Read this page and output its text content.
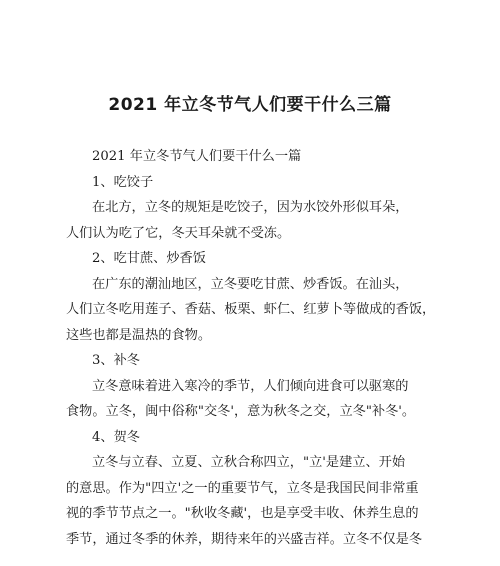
2021 年立冬节气人们要干什么三篇

2021 年立冬节气人们要干什么一篇

1、吃饺子

在北方，立冬的规矩是吃饺子，因为水饺外形似耳朵，

人们认为吃了它，冬天耳朵就不受冻。

2、吃甘蔗、炒香饭

在广东的潮汕地区，立冬要吃甘蔗、炒香饭。在汕头，

人们立冬吃用莲子、香菇、板栗、虾仁、红萝卜等做成的香饭，

这些也都是温热的食物。

3、补冬

立冬意味着进入寒冷的季节，人们倾向进食可以驱寒的

食物。立冬，闽中俗称"交冬'，意为秋冬之交，立冬"补冬'。

4、贺冬

立冬与立春、立夏、立秋合称四立，"立'是建立、开始

的意思。作为"四立'之一的重要节气，立冬是我国民间非常重

视的季节节点之一。"秋收冬藏'，也是享受丰收、休养生息的

季节，通过冬季的休养，期待来年的兴盛吉祥。立冬不仅是冬
